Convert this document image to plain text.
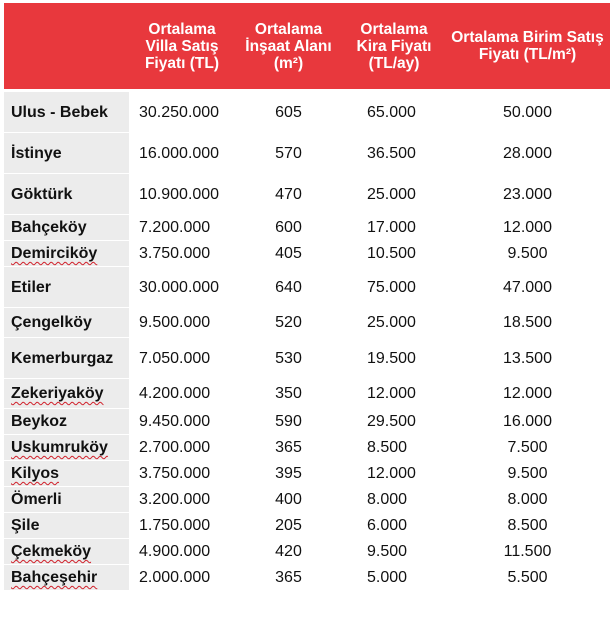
	Ortalama Villa Satış Fiyatı (TL)	Ortalama İnşaat Alanı (m²)	Ortalama Kira Fiyatı (TL/ay)	Ortalama Birim Satış Fiyatı (TL/m²)
Ulus - Bebek	30.250.000	605	65.000	50.000
İstinye	16.000.000	570	36.500	28.000
Göktürk	10.900.000	470	25.000	23.000
Bahçeköy	7.200.000	600	17.000	12.000
Demirciköy	3.750.000	405	10.500	9.500
Etiler	30.000.000	640	75.000	47.000
Çengelköy	9.500.000	520	25.000	18.500
Kemerburgaz	7.050.000	530	19.500	13.500
Zekeriyaköy	4.200.000	350	12.000	12.000
Beykoz	9.450.000	590	29.500	16.000
Uskumruköy	2.700.000	365	8.500	7.500
Kilyos	3.750.000	395	12.000	9.500
Ömerli	3.200.000	400	8.000	8.000
Şile	1.750.000	205	6.000	8.500
Çekmeköy	4.900.000	420	9.500	11.500
Bahçeşehir	2.000.000	365	5.000	5.500
